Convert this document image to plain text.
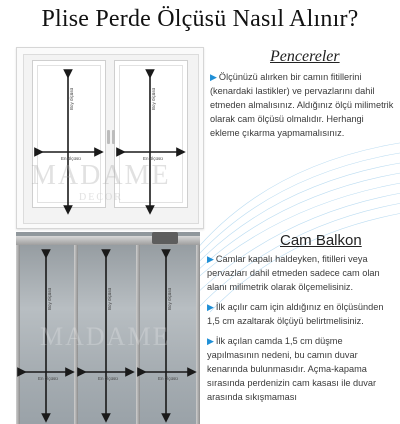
Plise Perde Ölçüsü Nasıl Alınır?
Boy ölçüsü	Boy ölçüsü
En ölçüsü	En ölçüsü
MADAME
DECOR
Pencereler

▶ Ölçünüzü alırken bir camın fitillerini (kenardaki lastikler) ve pervazlarını dahil etmeden almalısınız. Aldığınız ölçü milimetrik olarak cam ölçüsü olmalıdır. Herhangi ekleme çıkarma yapmamalısınız.

Boy ölçüsü	Boy ölçüsü	Boy ölçüsü
En ölçüsü	En ölçüsü	En ölçüsü
MADAME
Cam Balkon

▶ Camlar kapalı haldeyken, fitilleri veya pervazları dahil etmeden sadece cam olan alanı milimetrik olarak ölçemelisiniz.

▶ İlk açılır cam için aldığınız en ölçüsünden 1,5 cm azaltarak ölçüyü belirtmelisiniz.

▶ İlk açılan camda 1,5 cm düşme yapılmasının nedeni, bu camın duvar kenarında bulunmasıdır. Açma-kapama sırasında perdenizin cam kasası ile duvar arasında sıkışmaması
